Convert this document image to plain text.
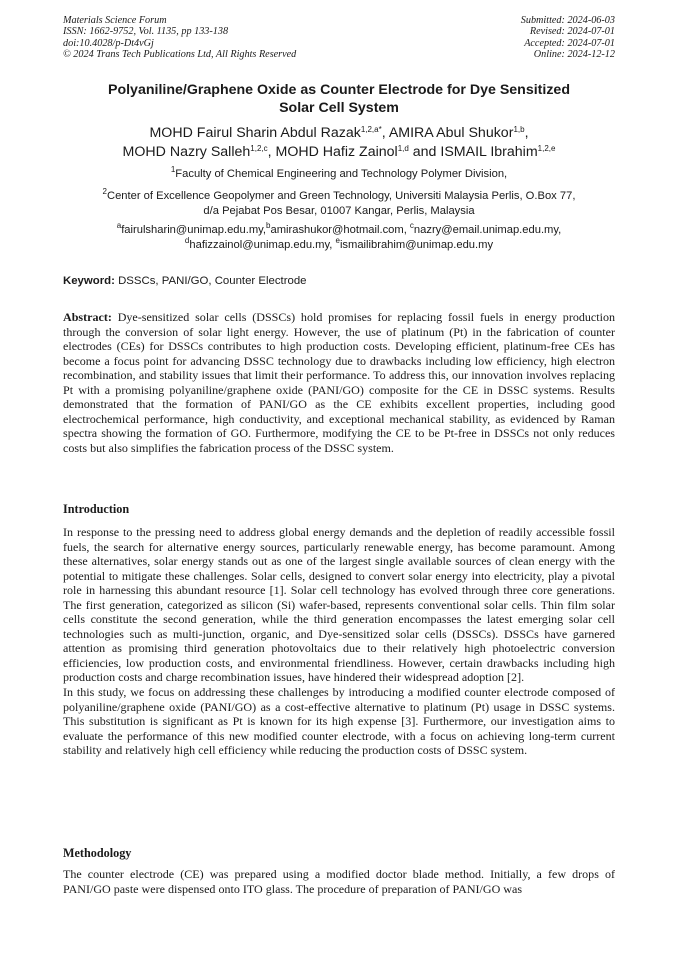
Materials Science Forum
ISSN: 1662-9752, Vol. 1135, pp 133-138
doi:10.4028/p-Dt4vGj
© 2024 Trans Tech Publications Ltd, All Rights Reserved
Submitted: 2024-06-03
Revised: 2024-07-01
Accepted: 2024-07-01
Online: 2024-12-12
Polyaniline/Graphene Oxide as Counter Electrode for Dye Sensitized
Solar Cell System
MOHD Fairul Sharin Abdul Razak$^{1,2,a*}$, AMIRA Abul Shukor$^{1,b}$,
MOHD Nazry Salleh$^{1,2,c}$, MOHD Hafiz Zainol$^{1,d}$ and ISMAIL Ibrahim$^{1,2,e}$
$^1$Faculty of Chemical Engineering and Technology Polymer Division,
$^2$Center of Excellence Geopolymer and Green Technology, Universiti Malaysia Perlis, O.Box 77,
d/a Pejabat Pos Besar, 01007 Kangar, Perlis, Malaysia
$^a$fairulsharin@unimap.edu.my,$^b$amirashukor@hotmail.com, $^c$nazry@email.unimap.edu.my,
$^d$hafizzainol@unimap.edu.my, $^e$ismailibrahim@unimap.edu.my
Keyword: DSSCs, PANI/GO, Counter Electrode

Abstract: Dye-sensitized solar cells (DSSCs) hold promises for replacing fossil fuels in energy production through the conversion of solar light energy. However, the use of platinum (Pt) in the fabrication of counter electrodes (CEs) for DSSCs contributes to high production costs. Developing efficient, platinum-free CEs has become a focus point for advancing DSSC technology due to drawbacks including low efficiency, high electron recombination, and stability issues that limit their performance. To address this, our innovation involves replacing Pt with a promising polyaniline/graphene oxide (PANI/GO) composite for the CE in DSSC systems. Results demonstrated that the formation of PANI/GO as the CE exhibits excellent properties, including good electrochemical performance, high conductivity, and exceptional mechanical stability, as evidenced by Raman spectra showing the formation of GO. Furthermore, modifying the CE to be Pt-free in DSSCs not only reduces costs but also simplifies the fabrication process of the DSSC system.

Introduction

In response to the pressing need to address global energy demands and the depletion of readily accessible fossil fuels, the search for alternative energy sources, particularly renewable energy, has become paramount. Among these alternatives, solar energy stands out as one of the largest single available sources of clean energy with the potential to mitigate these challenges. Solar cells, designed to convert solar energy into electricity, play a pivotal role in harnessing this abundant resource [1]. Solar cell technology has evolved through three core generations. The first generation, categorized as silicon (Si) wafer-based, represents conventional solar cells. Thin film solar cells constitute the second generation, while the third generation encompasses the latest emerging solar cell technologies such as multi-junction, organic, and Dye-sensitized solar cells (DSSCs). DSSCs have garnered attention as promising third generation photovoltaics due to their relatively high photoelectric conversion efficiencies, low production costs, and environmental friendliness. However, certain drawbacks including high production costs and charge recombination issues, have hindered their widespread adoption [2].

In this study, we focus on addressing these challenges by introducing a modified counter electrode composed of polyaniline/graphene oxide (PANI/GO) as a cost-effective alternative to platinum (Pt) usage in DSSC systems. This substitution is significant as Pt is known for its high expense [3]. Furthermore, our investigation aims to evaluate the performance of this new modified counter electrode, with a focus on achieving long-term current stability and relatively high cell efficiency while reducing the production costs of DSSC system.

Methodology

The counter electrode (CE) was prepared using a modified doctor blade method. Initially, a few drops of PANI/GO paste were dispensed onto ITO glass. The procedure of preparation of PANI/GO was
